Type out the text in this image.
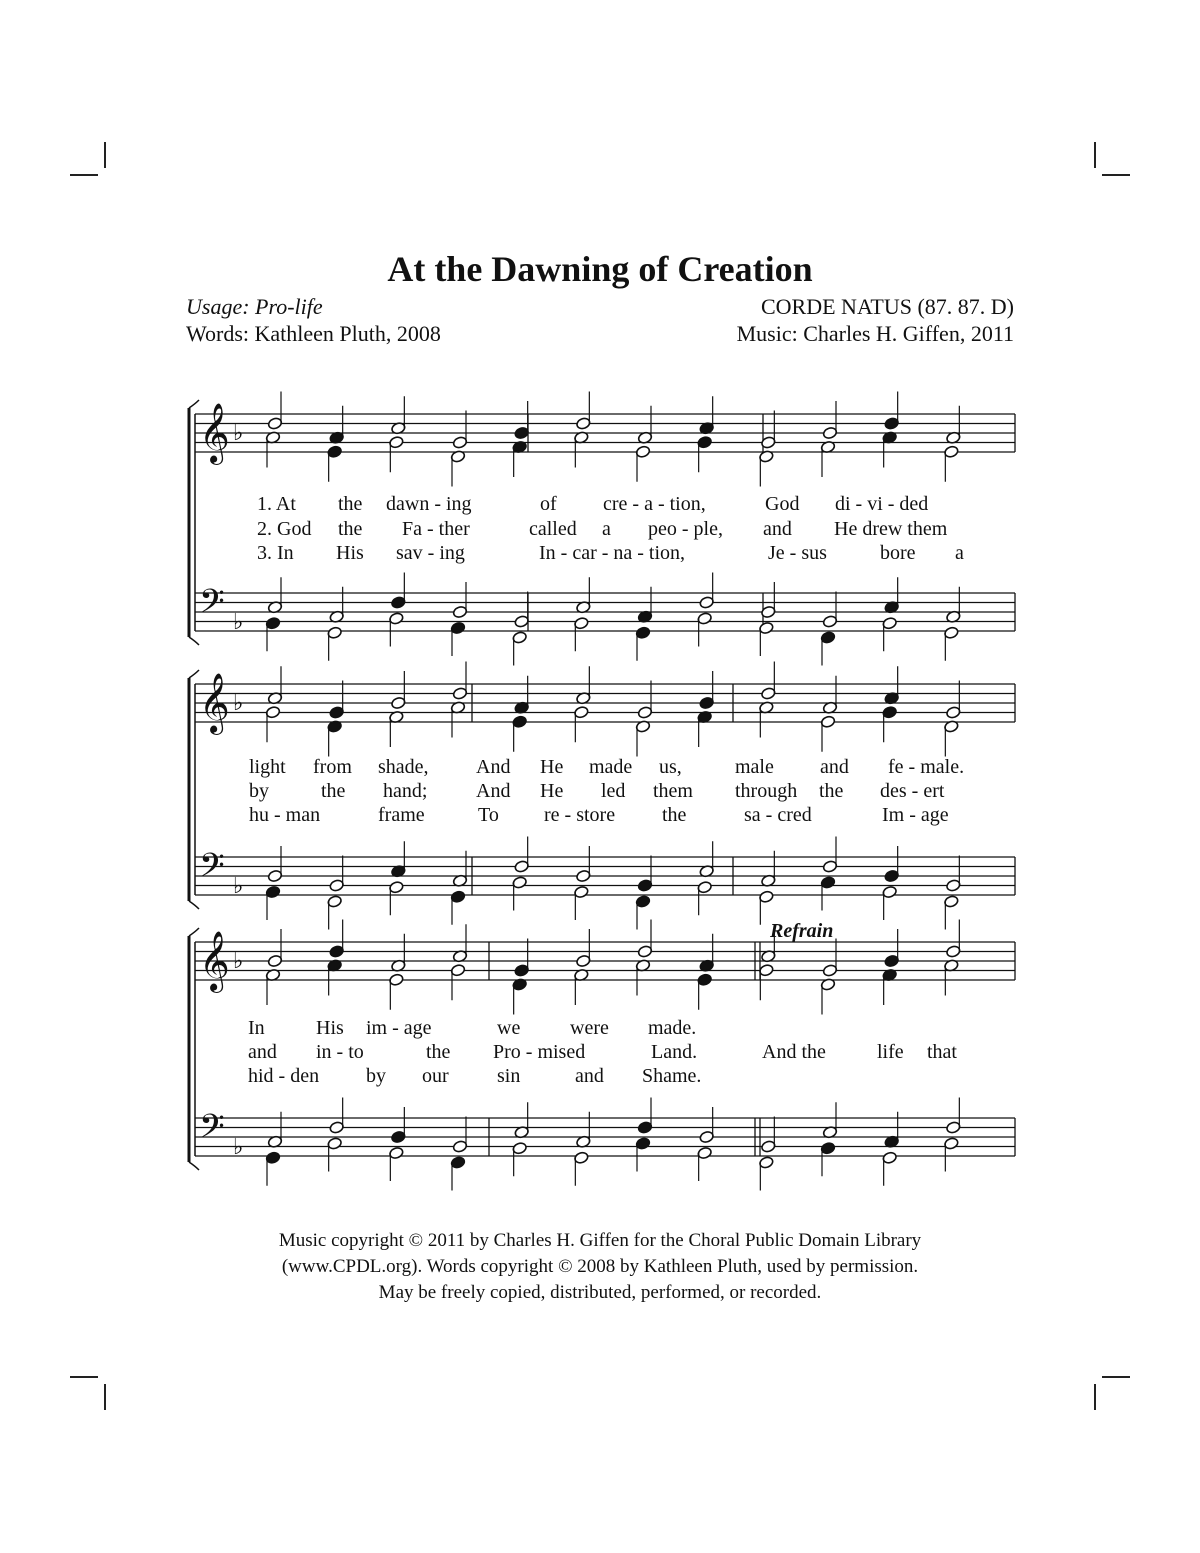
At the Dawning of Creation
Usage: Pro-life	CORDE NATUS (87. 87. D)
Words: Kathleen Pluth, 2008	Music: Charles H. Giffen, 2011
𝄞 ♭
𝄢 ♭
𝄞 ♭
𝄢 ♭
𝄞 ♭
𝄢 ♭
Refrain
1. At the dawn - ing	of cre - a - tion,	God di - vi - ded
2. God the Fa - ther	called a peo - ple, and He drew them
3. In His sav - ing	In - car - na - tion,	Je - sus	bore a
light from shade, And He made us,	male and fe - male.
by	the hand; And He led them through the des - ert
hu - man	frame	To re - store the	sa - cred	Im - age
In	His im - age	we were made.
and in - to	the Pro - mised	Land.	And the	life that
hid - den by our sin	and Shame.
Music copyright © 2011 by Charles H. Giffen for the Choral Public Domain Library
(www.CPDL.org). Words copyright © 2008 by Kathleen Pluth, used by permission.
May be freely copied, distributed, performed, or recorded.
